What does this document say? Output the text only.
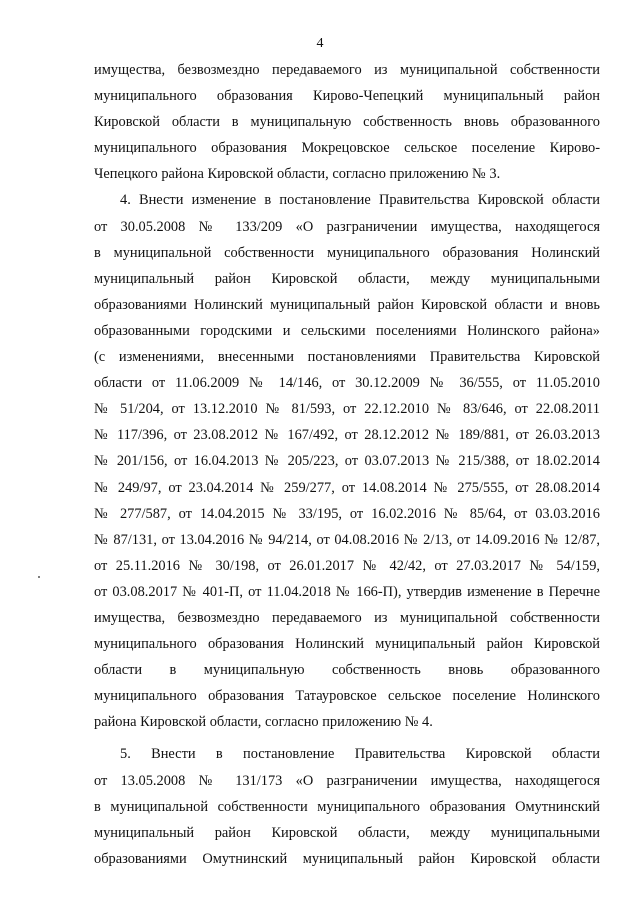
4
имущества, безвозмездно передаваемого из муниципальной собственности
муниципального образования Кирово-Чепецкий муниципальный район
Кировской области в муниципальную собственность вновь образованного
муниципального образования Мокрецовское сельское поселение Кирово-
Чепецкого района Кировской области, согласно приложению № 3.
4. Внести изменение в постановление Правительства Кировской области
от 30.05.2008 № 133/209 «О разграничении имущества, находящегося
в муниципальной собственности муниципального образования Нолинский
муниципальный район Кировской области, между муниципальными
образованиями Нолинский муниципальный район Кировской области и вновь
образованными городскими и сельскими поселениями Нолинского района»
(с изменениями, внесенными постановлениями Правительства Кировской
области от 11.06.2009 № 14/146, от 30.12.2009 № 36/555, от 11.05.2010
№ 51/204, от 13.12.2010 № 81/593, от 22.12.2010 № 83/646, от 22.08.2011
№ 117/396, от 23.08.2012 № 167/492, от 28.12.2012 № 189/881, от 26.03.2013
№ 201/156, от 16.04.2013 № 205/223, от 03.07.2013 № 215/388, от 18.02.2014
№ 249/97, от 23.04.2014 № 259/277, от 14.08.2014 № 275/555, от 28.08.2014
№ 277/587, от 14.04.2015 № 33/195, от 16.02.2016 № 85/64, от 03.03.2016
№ 87/131, от 13.04.2016 № 94/214, от 04.08.2016 № 2/13, от 14.09.2016 № 12/87,
от 25.11.2016 № 30/198, от 26.01.2017 № 42/42, от 27.03.2017 № 54/159,
от 03.08.2017 № 401-П, от 11.04.2018 № 166-П), утвердив изменение в Перечне
имущества, безвозмездно передаваемого из муниципальной собственности
муниципального образования Нолинский муниципальный район Кировской
области в муниципальную собственность вновь образованного
муниципального образования Татауровское сельское поселение Нолинского
района Кировской области, согласно приложению № 4.
5. Внести в постановление Правительства Кировской области
от 13.05.2008 № 131/173 «О разграничении имущества, находящегося
в муниципальной собственности муниципального образования Омутнинский
муниципальный район Кировской области, между муниципальными
образованиями Омутнинский муниципальный район Кировской области
